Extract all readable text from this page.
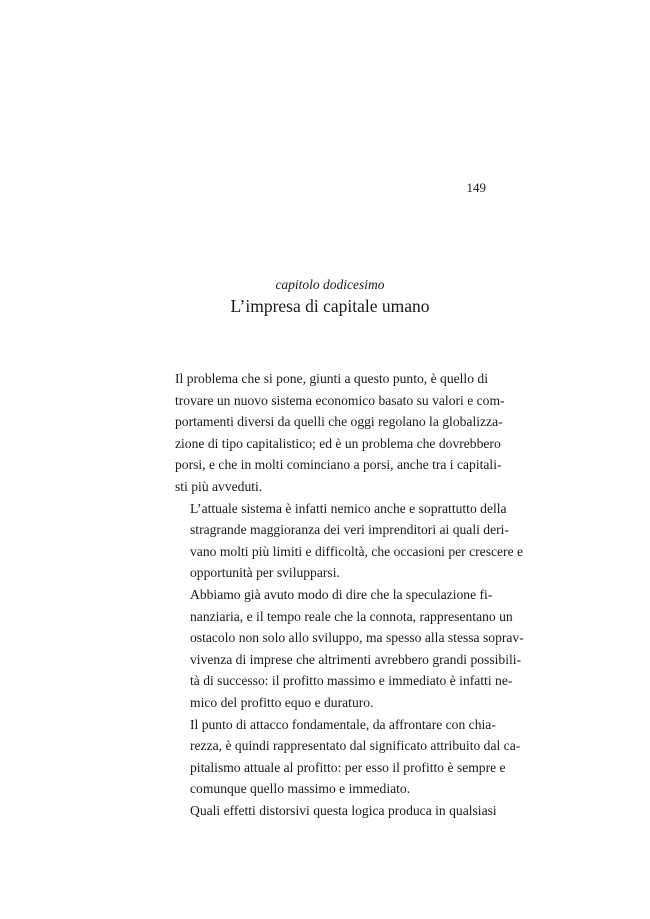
149
capitolo dodicesimo
L’impresa di capitale umano

Il problema che si pone, giunti a questo punto, è quello di
trovare un nuovo sistema economico basato su valori e com-
portamenti diversi da quelli che oggi regolano la globalizza-
zione di tipo capitalistico; ed è un problema che dovrebbero
porsi, e che in molti cominciano a porsi, anche tra i capitali-
sti più avveduti.

L’attuale sistema è infatti nemico anche e soprattutto della
stragrande maggioranza dei veri imprenditori ai quali deri-
vano molti più limiti e difficoltà, che occasioni per crescere e
opportunità per svilupparsi.

Abbiamo già avuto modo di dire che la speculazione fi-
nanziaria, e il tempo reale che la connota, rappresentano un
ostacolo non solo allo sviluppo, ma spesso alla stessa soprav-
vivenza di imprese che altrimenti avrebbero grandi possibili-
tà di successo: il profitto massimo e immediato è infatti ne-
mico del profitto equo e duraturo.

Il punto di attacco fondamentale, da affrontare con chia-
rezza, è quindi rappresentato dal significato attribuito dal ca-
pitalismo attuale al profitto: per esso il profitto è sempre e
comunque quello massimo e immediato.

Quali effetti distorsivi questa logica produca in qualsiasi
